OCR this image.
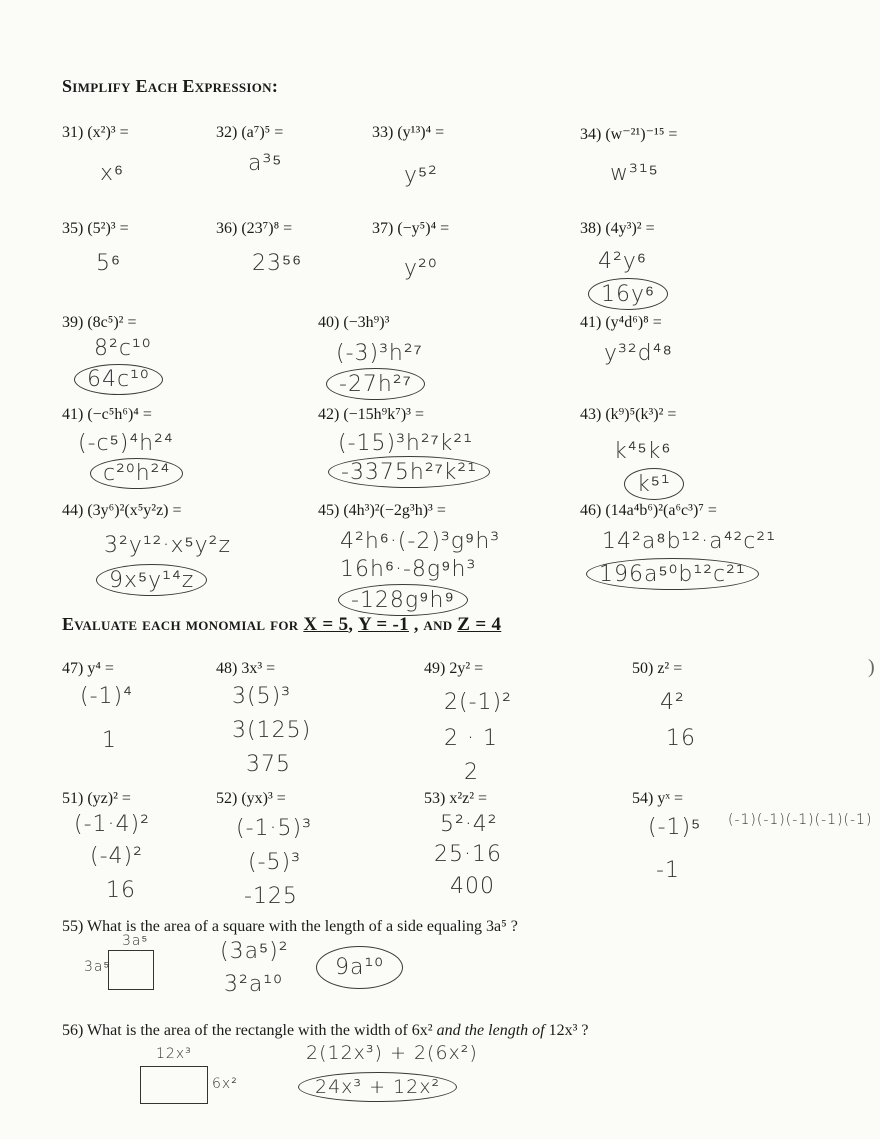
Simplify Each Expression:
31) (x²)³ =
x⁶
32) (a⁷)⁵ =
a³⁵
33) (y¹³)⁴ =
y⁵²
34) (w⁻²¹)⁻¹⁵ =
w³¹⁵
35) (5²)³ =
5⁶
36) (23⁷)⁸ =
23⁵⁶
37) (−y⁵)⁴ =
y²⁰
38) (4y³)² =
4²y⁶
16y⁶
39) (8c⁵)² =
8²c¹⁰
64c¹⁰
40) (−3h⁹)³
(-3)³h²⁷
-27h²⁷
41) (y⁴d⁶)⁸ =
y³²d⁴⁸
41) (−c⁵h⁶)⁴ =
(-c⁵)⁴h²⁴
c²⁰h²⁴
42) (−15h⁹k⁷)³ =
(-15)³h²⁷k²¹
-3375h²⁷k²¹
43) (k⁹)⁵(k³)² =
k⁴⁵k⁶
k⁵¹
44) (3y⁶)²(x⁵y²z) =
3²y¹²·x⁵y²z
9x⁵y¹⁴z
45) (4h³)²(−2g³h)³ =
4²h⁶·(-2)³g⁹h³
16h⁶·-8g⁹h³
-128g⁹h⁹
46) (14a⁴b⁶)²(a⁶c³)⁷ =
14²a⁸b¹²·a⁴²c²¹
196a⁵⁰b¹²c²¹
Evaluate each monomial for X = 5, Y = -1 , and Z = 4
47) y⁴ =
(-1)⁴
1
48) 3x³ =
3(5)³
3(125)
375
49) 2y² =
2(-1)²
2 · 1
2
50) z² =
4²
16
)
51) (yz)² =
(-1·4)²
(-4)²
16
52) (yx)³ =
(-1·5)³
(-5)³
-125
53) x²z² =
5²·4²
25·16
400
54) yˣ =
(-1)⁵ (-1)(-1)(-1)(-1)(-1)
-1
55) What is the area of a square with the length of a side equaling 3a⁵ ?
3a⁵
3a⁵
(3a⁵)²
3²a¹⁰
9a¹⁰
56) What is the area of the rectangle with the width of 6x² and the length of 12x³ ?
12x³
6x²
2(12x³) + 2(6x²)
24x³ + 12x²
